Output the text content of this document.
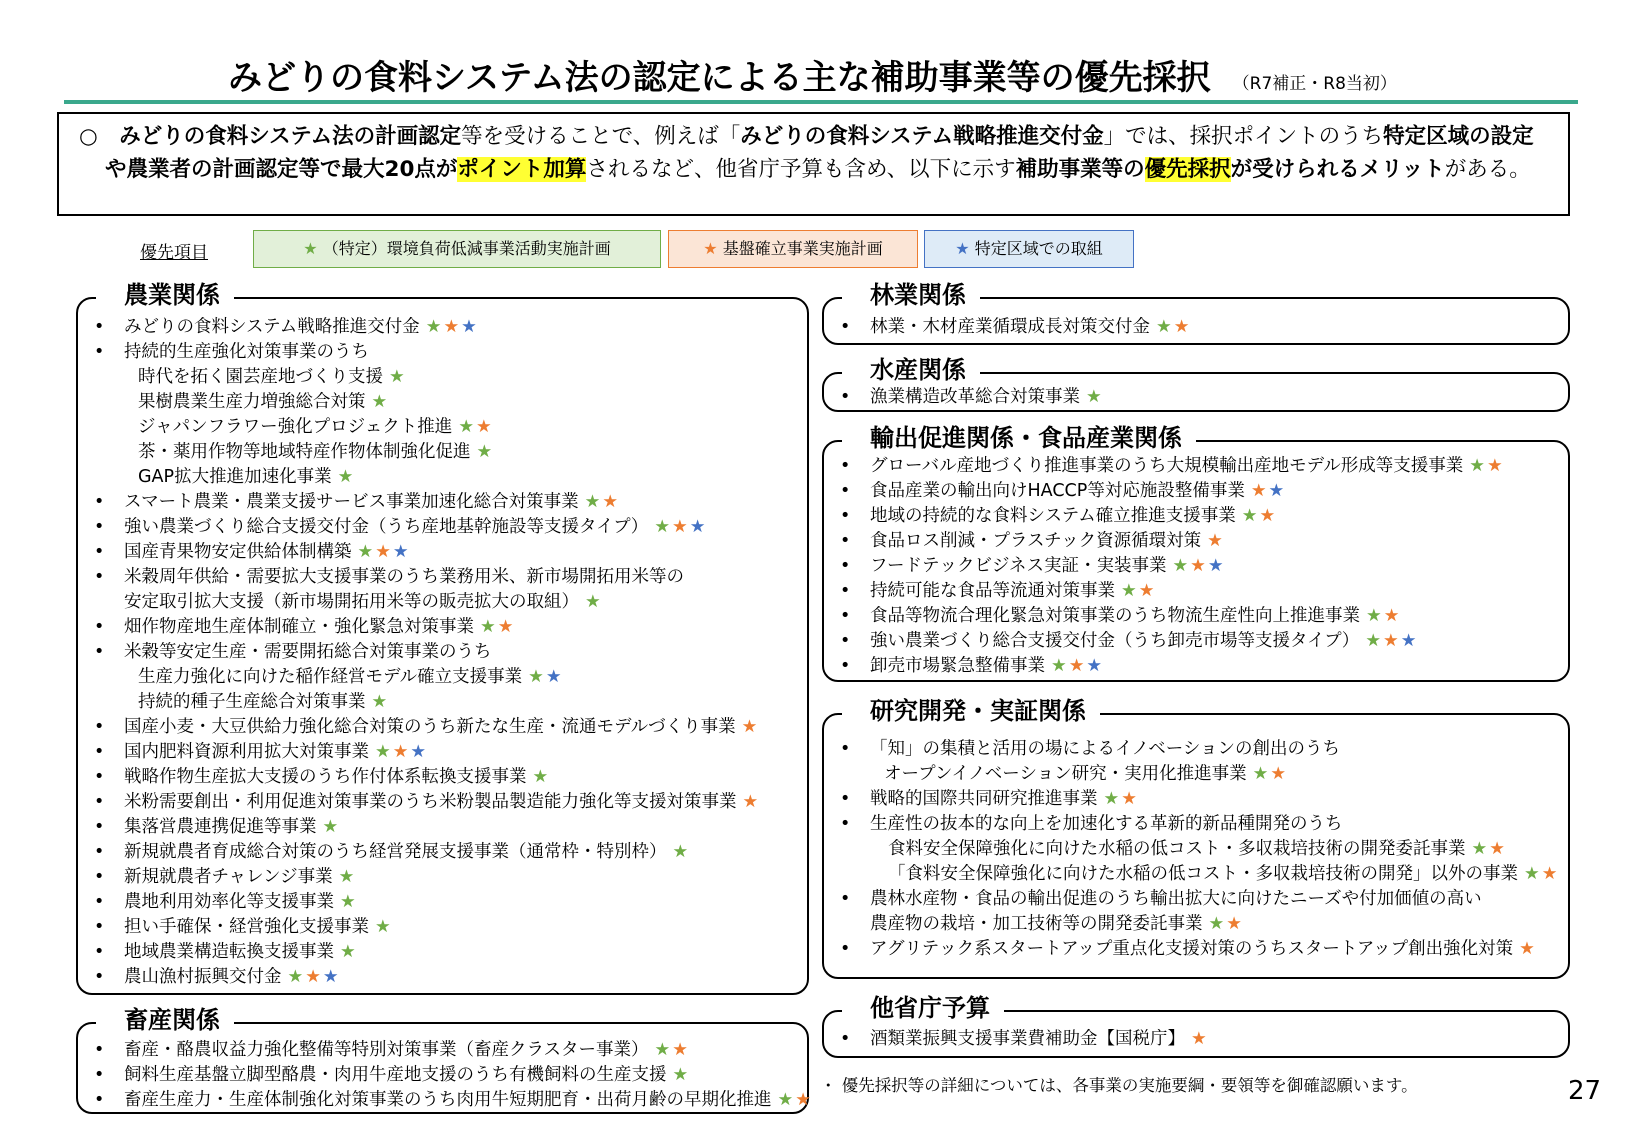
みどりの食料システム法の認定による主な補助事業等の優先採択 （R7補正・R8当初）
○　 みどりの食料システム法の計画認定等を受けることで、例えば「みどりの食料システム戦略推進交付金」では、採択ポイントのうち特定区域の設定や農業者の計画認定等で最大20点がポイント加算されるなど、他省庁予算も含め、以下に示す補助事業等の優先採択が受けられるメリットがある。
優先項目	★ （特定）環境負荷低減事業活動実施計画	★ 基盤確立事業実施計画	★ 特定区域での取組
農業関係
• みどりの食料システム戦略推進交付金 ★★★
• 持続的生産強化対策事業のうち
時代を拓く園芸産地づくり支援 ★
果樹農業生産力増強総合対策 ★
ジャパンフラワー強化プロジェクト推進 ★★
茶・薬用作物等地域特産作物体制強化促進 ★
GAP拡大推進加速化事業 ★
• スマート農業・農業支援サービス事業加速化総合対策事業 ★★
• 強い農業づくり総合支援交付金（うち産地基幹施設等支援タイプ） ★★★
• 国産青果物安定供給体制構築 ★★★
• 米穀周年供給・需要拡大支援事業のうち業務用米、新市場開拓用米等の
安定取引拡大支援（新市場開拓用米等の販売拡大の取組） ★
• 畑作物産地生産体制確立・強化緊急対策事業 ★★
• 米穀等安定生産・需要開拓総合対策事業のうち
生産力強化に向けた稲作経営モデル確立支援事業 ★★
持続的種子生産総合対策事業 ★
• 国産小麦・大豆供給力強化総合対策のうち新たな生産・流通モデルづくり事業 ★
• 国内肥料資源利用拡大対策事業 ★★★
• 戦略作物生産拡大支援のうち作付体系転換支援事業 ★
• 米粉需要創出・利用促進対策事業のうち米粉製品製造能力強化等支援対策事業 ★
• 集落営農連携促進等事業 ★
• 新規就農者育成総合対策のうち経営発展支援事業（通常枠・特別枠） ★
• 新規就農者チャレンジ事業 ★
• 農地利用効率化等支援事業 ★
• 担い手確保・経営強化支援事業 ★
• 地域農業構造転換支援事業 ★
• 農山漁村振興交付金 ★★★
畜産関係
• 畜産・酪農収益力強化整備等特別対策事業（畜産クラスター事業） ★★
• 飼料生産基盤立脚型酪農・肉用牛産地支援のうち有機飼料の生産支援 ★
• 畜産生産力・生産体制強化対策事業のうち肉用牛短期肥育・出荷月齢の早期化推進 ★★
林業関係
• 林業・木材産業循環成長対策交付金 ★★
水産関係
• 漁業構造改革総合対策事業 ★
輸出促進関係・食品産業関係
• グローバル産地づくり推進事業のうち大規模輸出産地モデル形成等支援事業 ★★
• 食品産業の輸出向けHACCP等対応施設整備事業 ★★
• 地域の持続的な食料システム確立推進支援事業 ★★
• 食品ロス削減・プラスチック資源循環対策 ★
• フードテックビジネス実証・実装事業 ★★★
• 持続可能な食品等流通対策事業 ★★
• 食品等物流合理化緊急対策事業のうち物流生産性向上推進事業 ★★
• 強い農業づくり総合支援交付金（うち卸売市場等支援タイプ） ★★★
• 卸売市場緊急整備事業 ★★★
研究開発・実証関係
• 「知」の集積と活用の場によるイノベーションの創出のうち
オープンイノベーション研究・実用化推進事業 ★★
• 戦略的国際共同研究推進事業 ★★
• 生産性の抜本的な向上を加速化する革新的新品種開発のうち
食料安全保障強化に向けた水稲の低コスト・多収栽培技術の開発委託事業 ★★
「食料安全保障強化に向けた水稲の低コスト・多収栽培技術の開発」以外の事業 ★★
• 農林水産物・食品の輸出促進のうち輸出拡大に向けたニーズや付加価値の高い
農産物の栽培・加工技術等の開発委託事業 ★★
• アグリテック系スタートアップ重点化支援対策のうちスタートアップ創出強化対策 ★
他省庁予算
• 酒類業振興支援事業費補助金【国税庁】 ★
・ 優先採択等の詳細については、各事業の実施要綱・要領等を御確認願います。	27
